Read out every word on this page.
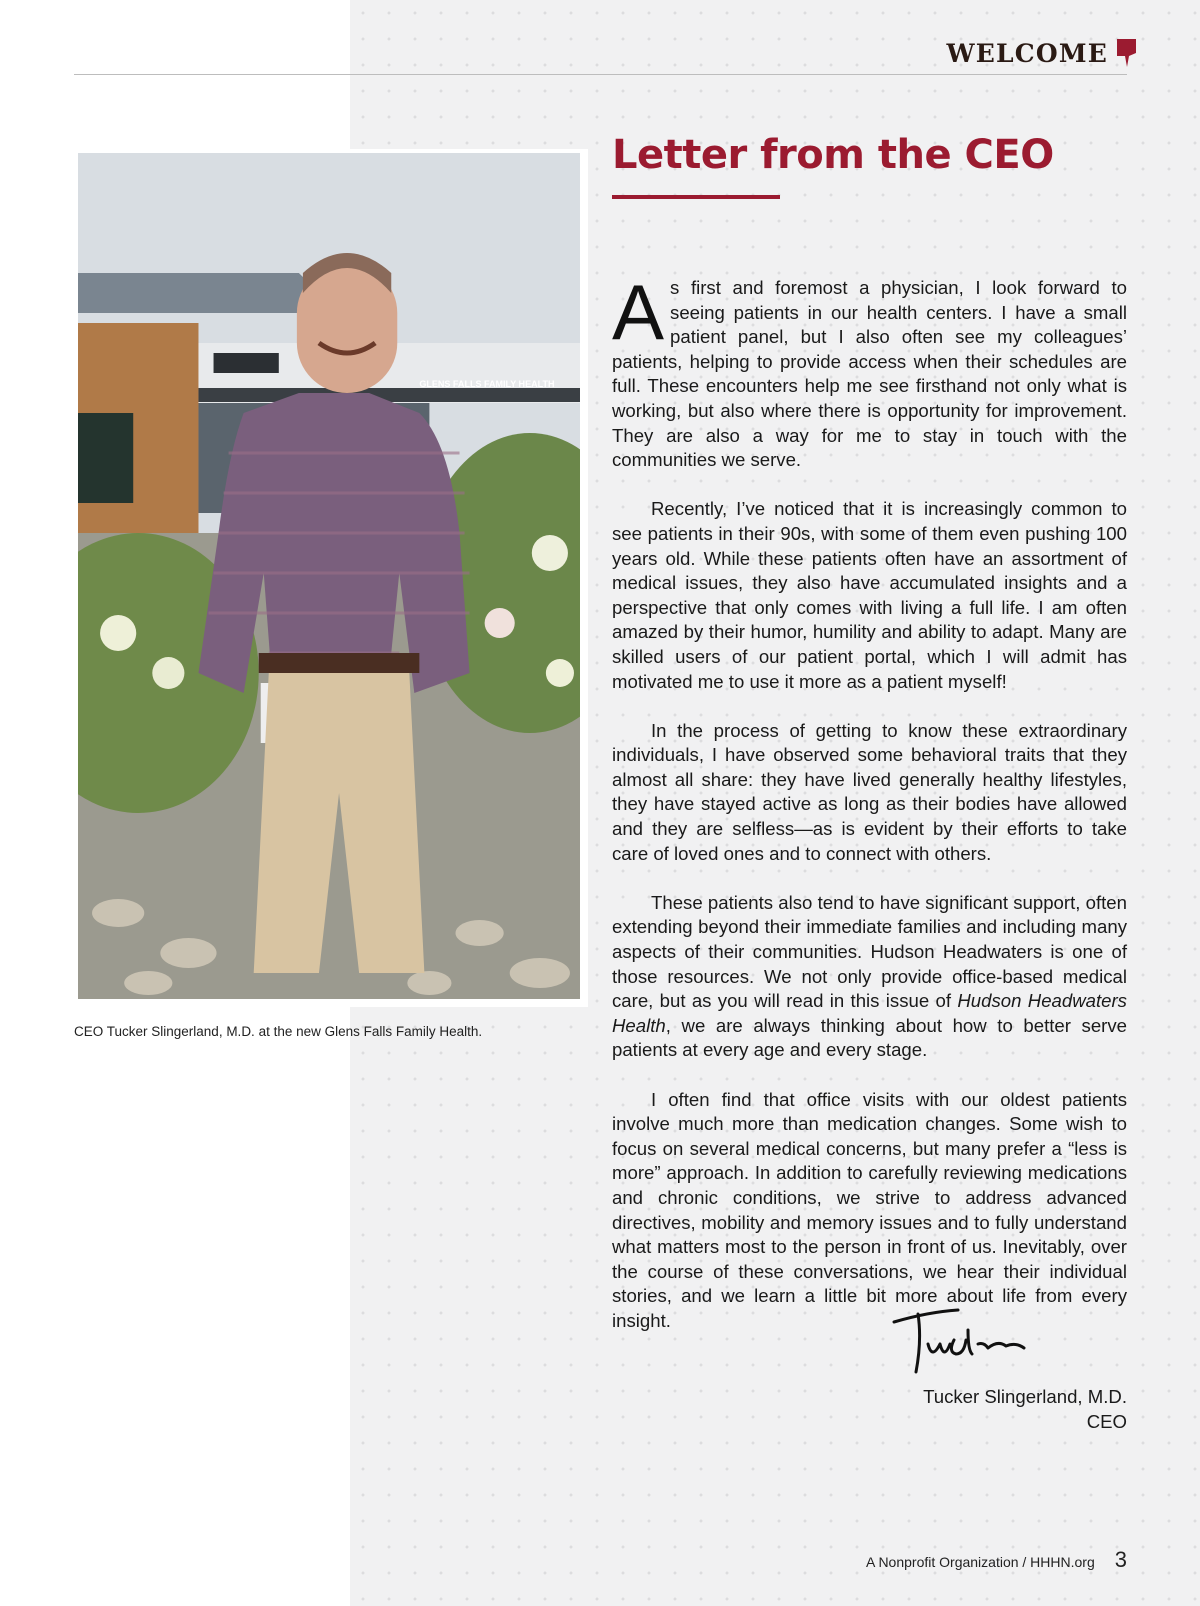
WELCOME
GLENS FALLS FAMILY HEALTH
CEO Tucker Slingerland, M.D. at the new Glens Falls Family Health.
Letter from the CEO

As first and foremost a physician, I look forward to seeing patients in our health centers. I have a small patient panel, but I also often see my colleagues’ patients, helping to provide access when their schedules are full. These encounters help me see firsthand not only what is working, but also where there is opportunity for improvement. They are also a way for me to stay in touch with the communities we serve.

Recently, I’ve noticed that it is increasingly common to see patients in their 90s, with some of them even pushing 100 years old. While these patients often have an assortment of medical issues, they also have accumulated insights and a perspective that only comes with living a full life. I am often amazed by their humor, humility and ability to adapt. Many are skilled users of our patient portal, which I will admit has motivated me to use it more as a patient myself!

In the process of getting to know these extraordinary individuals, I have observed some behavioral traits that they almost all share: they have lived generally healthy lifestyles, they have stayed active as long as their bodies have allowed and they are selfless—as is evident by their efforts to take care of loved ones and to connect with others.

These patients also tend to have significant support, often extending beyond their immediate families and including many aspects of their communities. Hudson Headwaters is one of those resources. We not only provide office-based medical care, but as you will read in this issue of Hudson Headwaters Health, we are always thinking about how to better serve patients at every age and every stage.

I often find that office visits with our oldest patients involve much more than medication changes. Some wish to focus on several medical concerns, but many prefer a “less is more” approach. In addition to carefully reviewing medications and chronic conditions, we strive to address advanced directives, mobility and memory issues and to fully understand what matters most to the person in front of us. Inevitably, over the course of these conversations, we hear their individual stories, and we learn a little bit more about life from every insight.

Tucker Slingerland, M.D.
CEO
A Nonprofit Organization / HHHN.org 3
